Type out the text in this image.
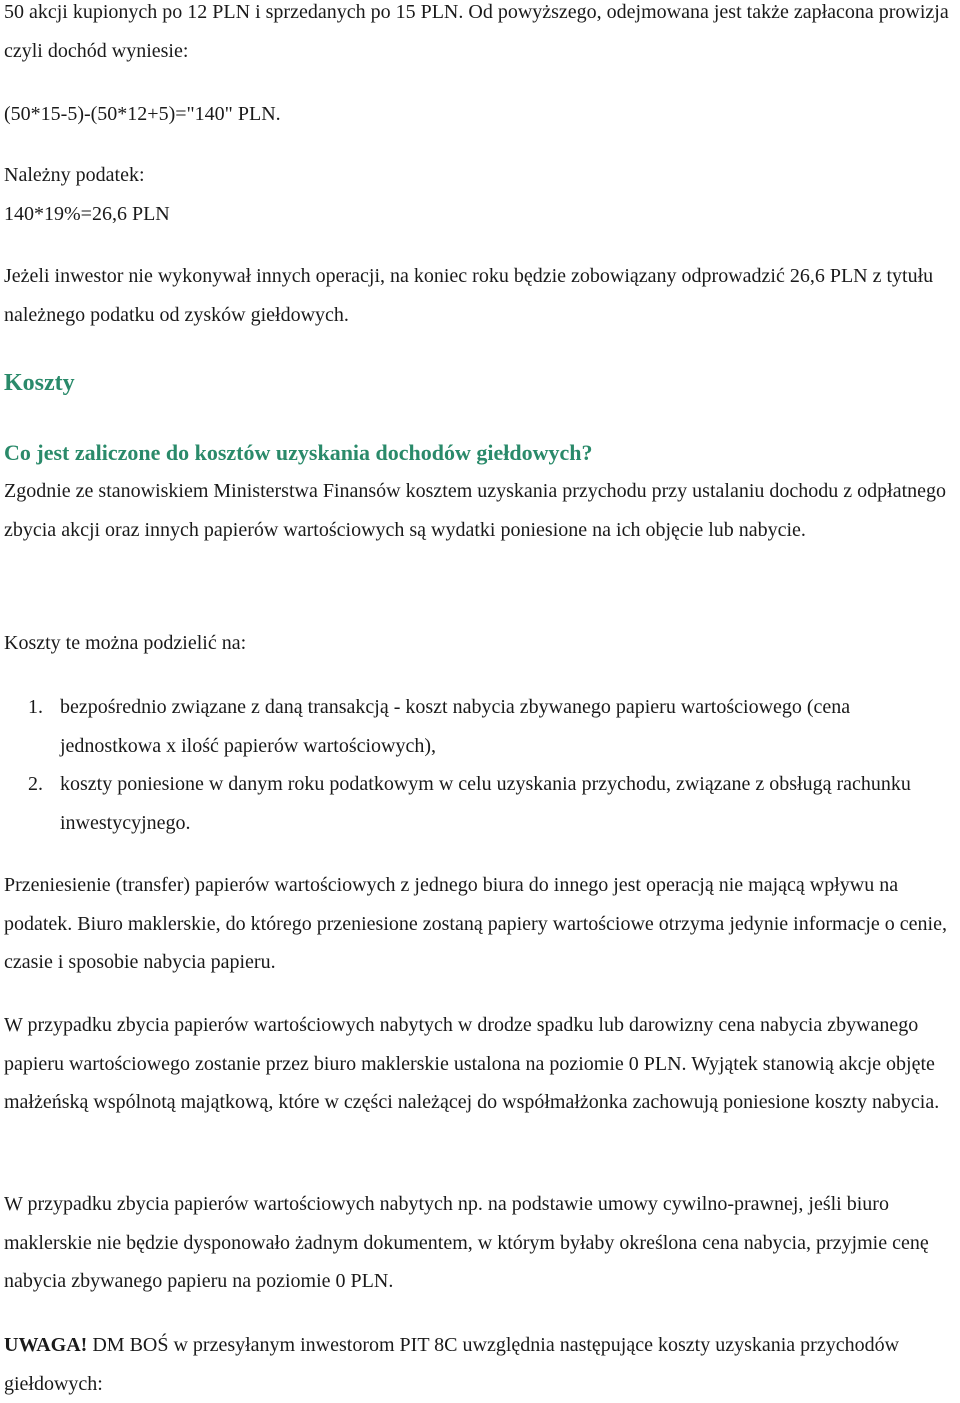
50 akcji kupionych po 12 PLN i sprzedanych po 15 PLN. Od powyższego, odejmowana jest także zapłacona prowizja czyli dochód wyniesie:

(50*15-5)-(50*12+5)="140" PLN.

Należny podatek:

140*19%=26,6 PLN

Jeżeli inwestor nie wykonywał innych operacji, na koniec roku będzie zobowiązany odprowadzić 26,6 PLN z tytułu należnego podatku od zysków giełdowych.

Koszty
Co jest zaliczone do kosztów uzyskania dochodów giełdowych?

Zgodnie ze stanowiskiem Ministerstwa Finansów kosztem uzyskania przychodu przy ustalaniu dochodu z odpłatnego zbycia akcji oraz innych papierów wartościowych są wydatki poniesione na ich objęcie lub nabycie.

Koszty te można podzielić na:

1. bezpośrednio związane z daną transakcją - koszt nabycia zbywanego papieru wartościowego (cena jednostkowa x ilość papierów wartościowych),
2. koszty poniesione w danym roku podatkowym w celu uzyskania przychodu, związane z obsługą rachunku inwestycyjnego.

Przeniesienie (transfer) papierów wartościowych z jednego biura do innego jest operacją nie mającą wpływu na podatek. Biuro maklerskie, do którego przeniesione zostaną papiery wartościowe otrzyma jedynie informacje o cenie, czasie i sposobie nabycia papieru.

W przypadku zbycia papierów wartościowych nabytych w drodze spadku lub darowizny cena nabycia zbywanego papieru wartościowego zostanie przez biuro maklerskie ustalona na poziomie 0 PLN. Wyjątek stanowią akcje objęte małżeńską wspólnotą majątkową, które w części należącej do współmałżonka zachowują poniesione koszty nabycia.

W przypadku zbycia papierów wartościowych nabytych np. na podstawie umowy cywilno-prawnej, jeśli biuro maklerskie nie będzie dysponowało żadnym dokumentem, w którym byłaby określona cena nabycia, przyjmie cenę nabycia zbywanego papieru na poziomie 0 PLN.

UWAGA! DM BOŚ w przesyłanym inwestorom PIT 8C uwzględnia następujące koszty uzyskania przychodów giełdowych:
